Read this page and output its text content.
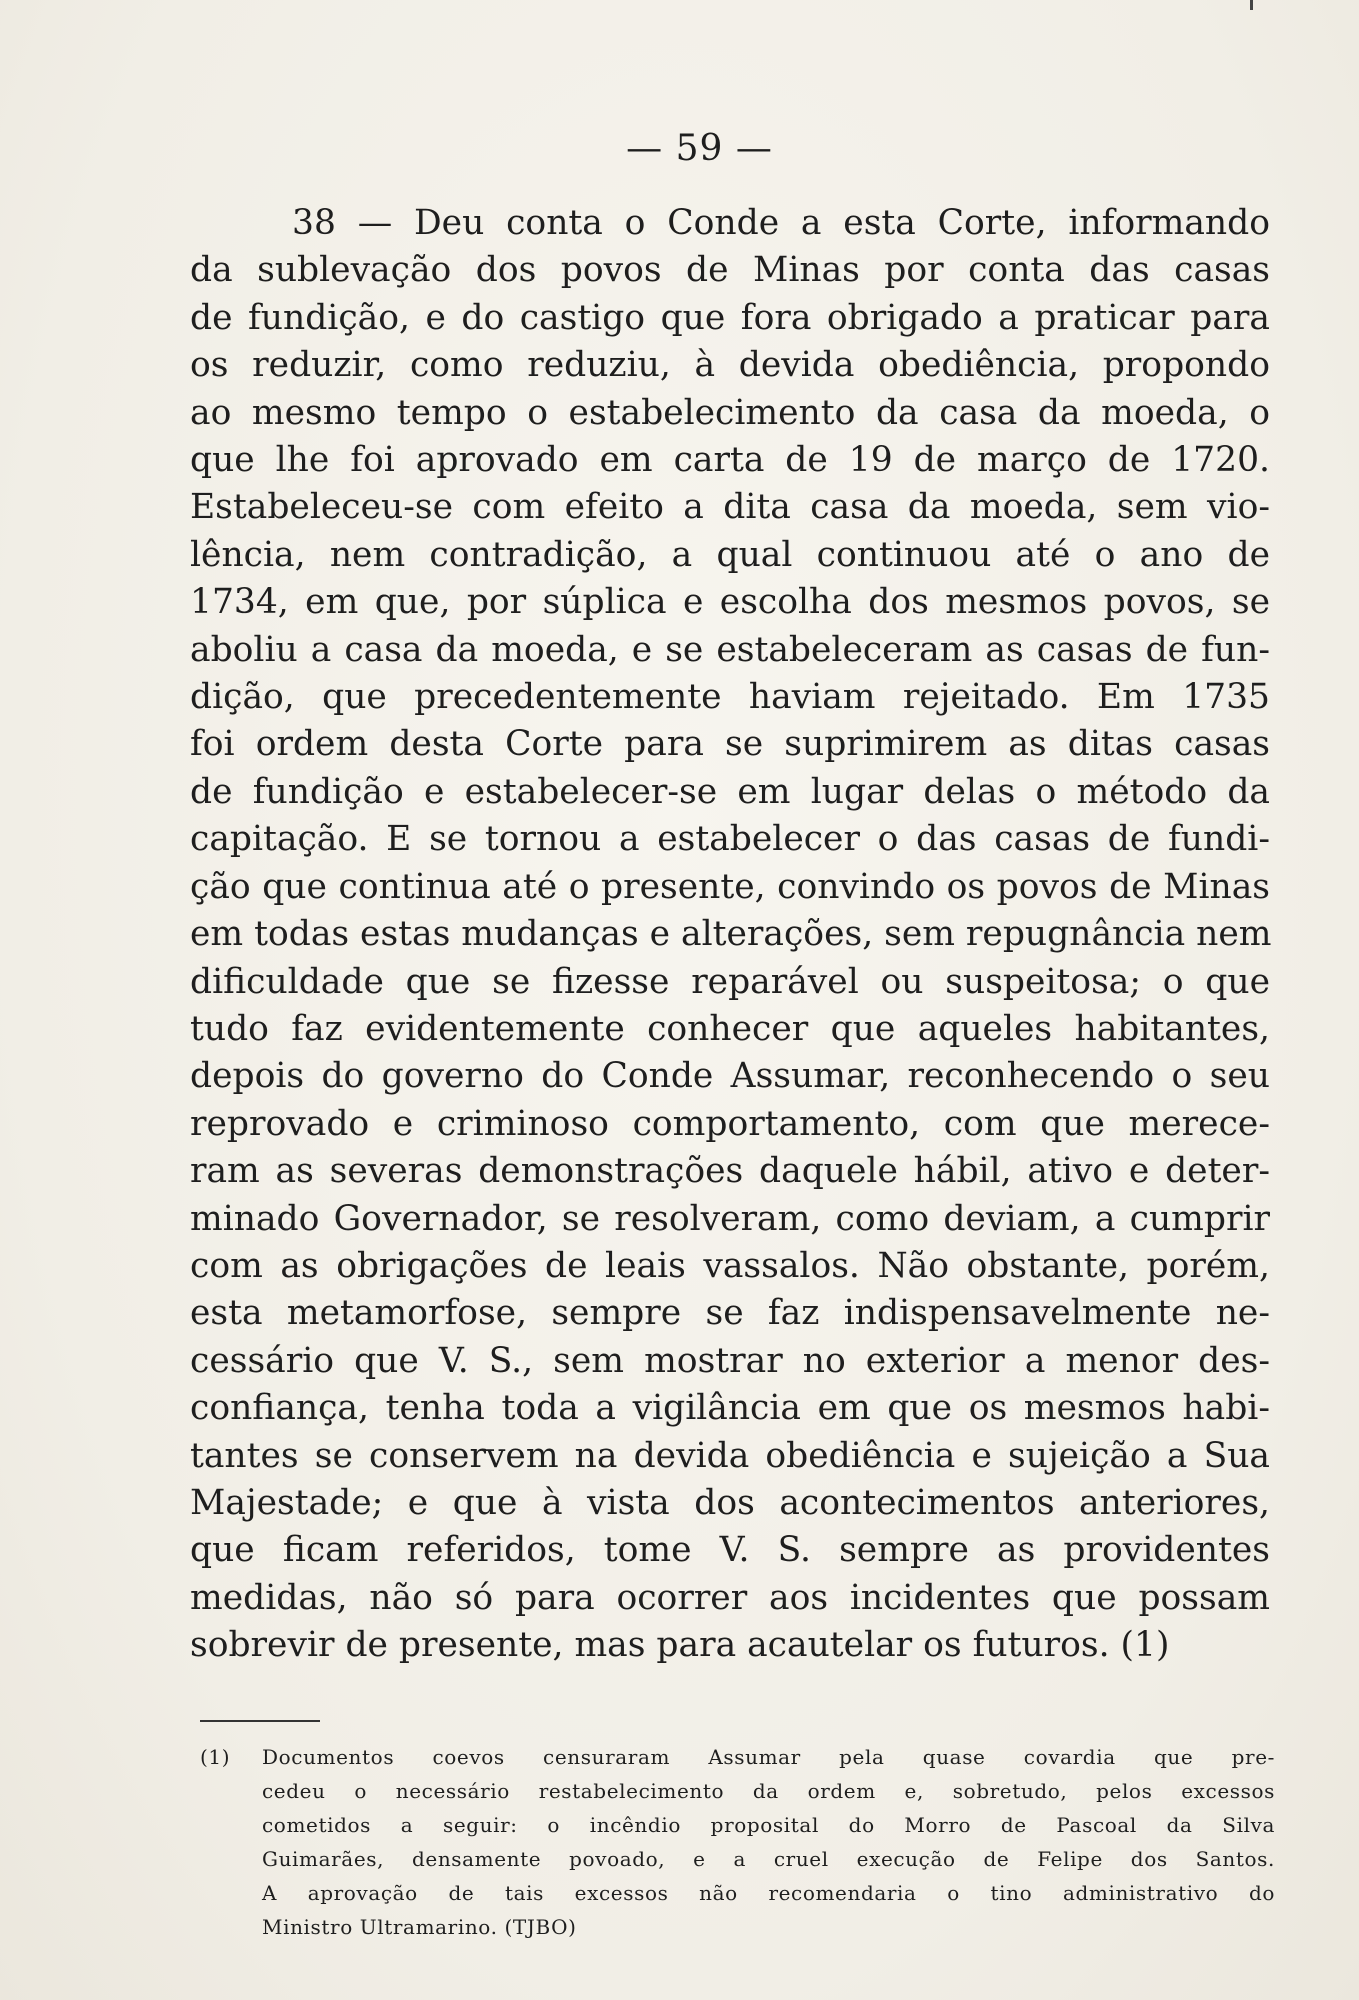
— 59 —
38 — Deu conta o Conde a esta Corte, informando
da sublevação dos povos de Minas por conta das casas
de fundição, e do castigo que fora obrigado a praticar para
os reduzir, como reduziu, à devida obediência, propondo
ao mesmo tempo o estabelecimento da casa da moeda, o
que lhe foi aprovado em carta de 19 de março de 1720.
Estabeleceu-se com efeito a dita casa da moeda, sem vio-
lência, nem contradição, a qual continuou até o ano de
1734, em que, por súplica e escolha dos mesmos povos, se
aboliu a casa da moeda, e se estabeleceram as casas de fun-
dição, que precedentemente haviam rejeitado. Em 1735
foi ordem desta Corte para se suprimirem as ditas casas
de fundição e estabelecer-se em lugar delas o método da
capitação. E se tornou a estabelecer o das casas de fundi-
ção que continua até o presente, convindo os povos de Minas
em todas estas mudanças e alterações, sem repugnância nem
dificuldade que se fizesse reparável ou suspeitosa; o que
tudo faz evidentemente conhecer que aqueles habitantes,
depois do governo do Conde Assumar, reconhecendo o seu
reprovado e criminoso comportamento, com que merece-
ram as severas demonstrações daquele hábil, ativo e deter-
minado Governador, se resolveram, como deviam, a cumprir
com as obrigações de leais vassalos. Não obstante, porém,
esta metamorfose, sempre se faz indispensavelmente ne-
cessário que V. S., sem mostrar no exterior a menor des-
confiança, tenha toda a vigilância em que os mesmos habi-
tantes se conservem na devida obediência e sujeição a Sua
Majestade; e que à vista dos acontecimentos anteriores,
que ficam referidos, tome V. S. sempre as providentes
medidas, não só para ocorrer aos incidentes que possam
sobrevir de presente, mas para acautelar os futuros. (1)
(1) Documentos coevos censuraram Assumar pela quase covardia que pre-
cedeu o necessário restabelecimento da ordem e, sobretudo, pelos excessos
cometidos a seguir: o incêndio proposital do Morro de Pascoal da Silva
Guimarães, densamente povoado, e a cruel execução de Felipe dos Santos.
A aprovação de tais excessos não recomendaria o tino administrativo do
Ministro Ultramarino. (TJBO)
